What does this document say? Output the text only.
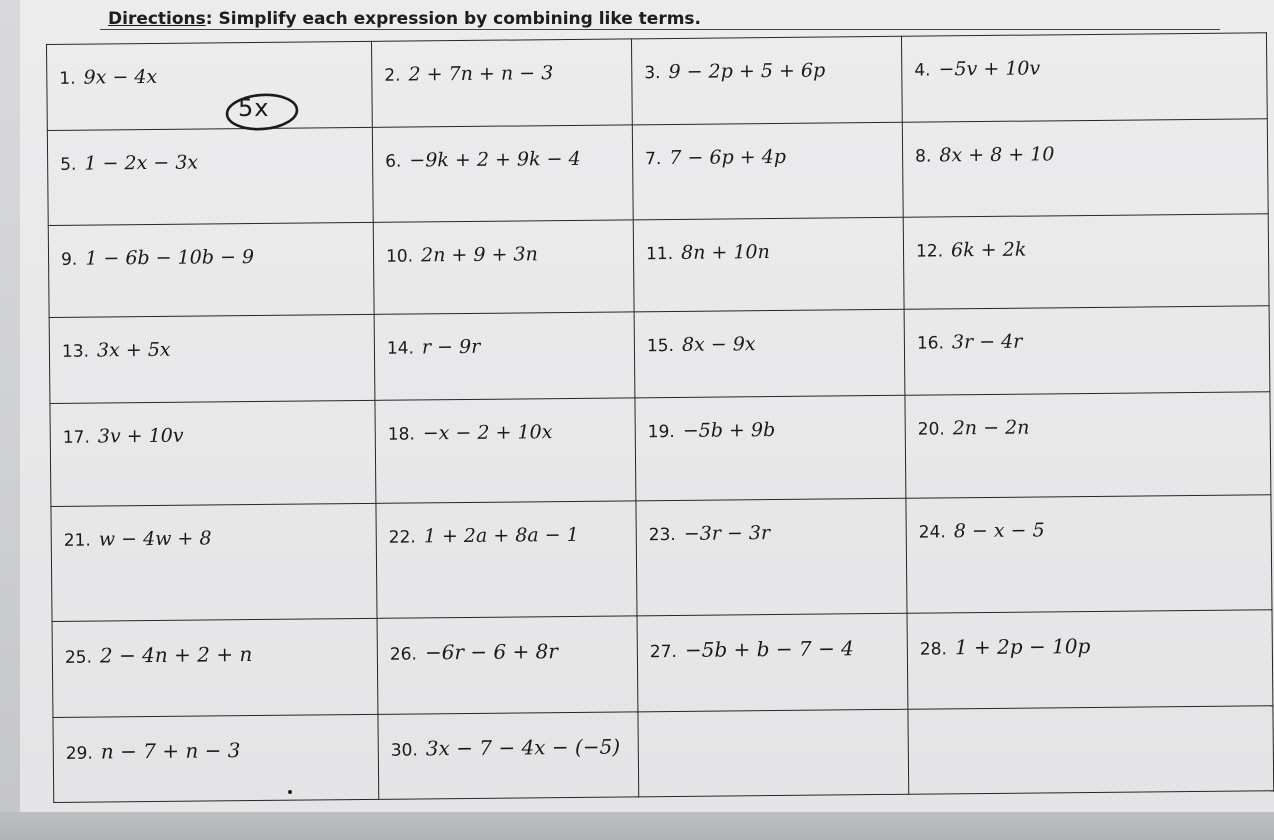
Directions: Simplify each expression by combining like terms.
1. 9x − 4x	2. 2 + 7n + n − 3	3. 9 − 2p + 5 + 6p	4. −5v + 10v
5. 1 − 2x − 3x	6. −9k + 2 + 9k − 4	7. 7 − 6p + 4p	8. 8x + 8 + 10
9. 1 − 6b − 10b − 9	10. 2n + 9 + 3n	11. 8n + 10n	12. 6k + 2k
13. 3x + 5x	14. r − 9r	15. 8x − 9x	16. 3r − 4r
17. 3v + 10v	18. −x − 2 + 10x	19. −5b + 9b	20. 2n − 2n
21. w − 4w + 8	22. 1 + 2a + 8a − 1	23. −3r − 3r	24. 8 − x − 5
25. 2 − 4n + 2 + n	26. −6r − 6 + 8r	27. −5b + b − 7 − 4	28. 1 + 2p − 10p
29. n − 7 + n − 3	30. 3x − 7 − 4x − (−5)		
5x
